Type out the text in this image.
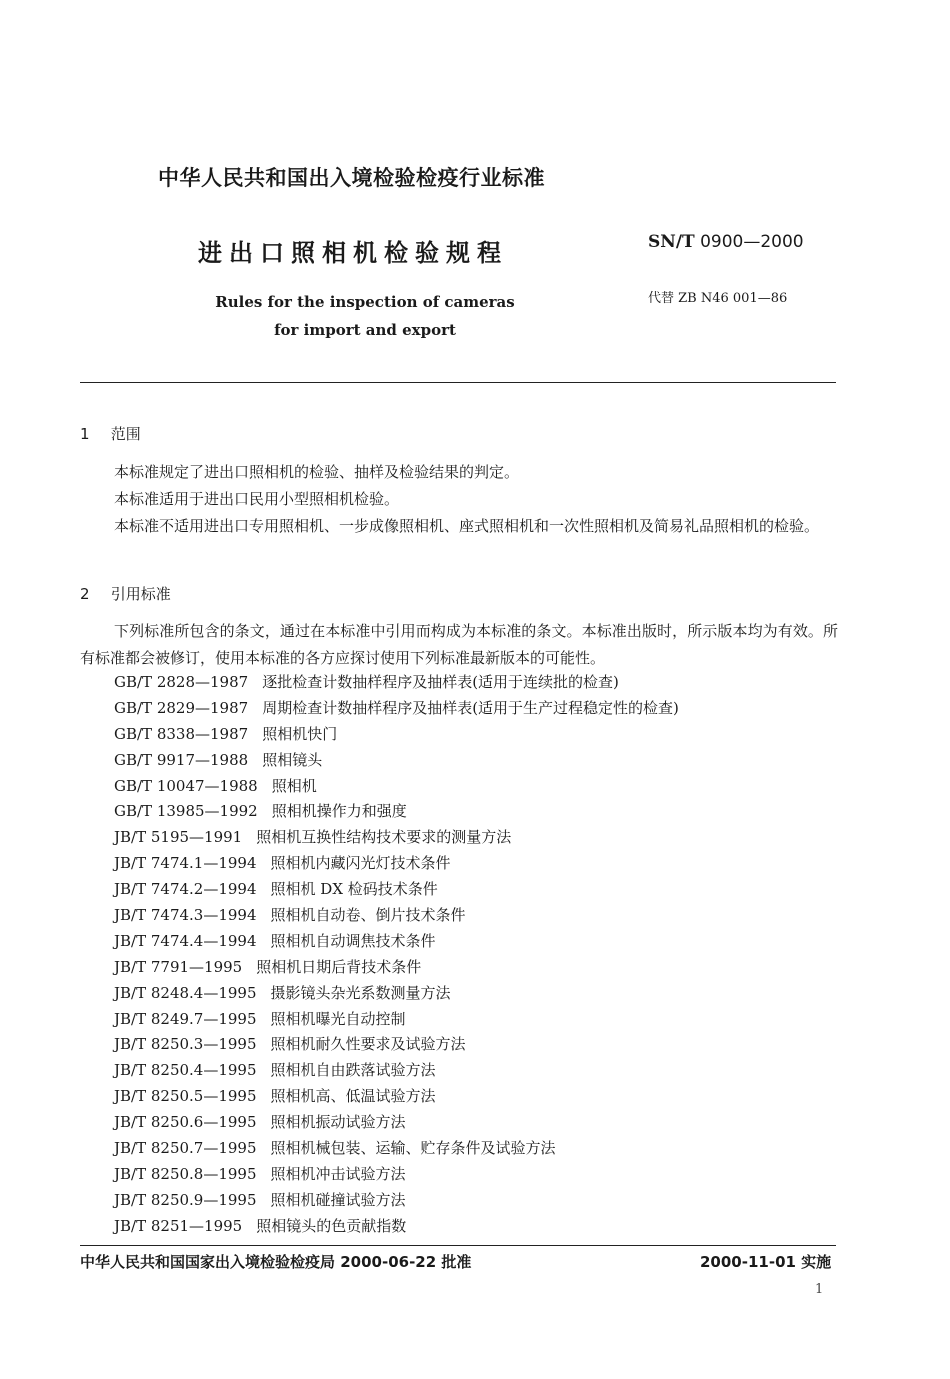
中华人民共和国出入境检验检疫行业标准
进出口照相机检验规程	SN/T 0900—2000
Rules for the inspection of cameras
for import and export
代替 ZB N46 001—86
1 范围
本标准规定了进出口照相机的检验、抽样及检验结果的判定。
本标准适用于进出口民用小型照相机检验。
本标准不适用进出口专用照相机、一步成像照相机、座式照相机和一次性照相机及简易礼品照相机的检验。
2 引用标准
下列标准所包含的条文，通过在本标准中引用而构成为本标准的条文。本标准出版时，所示版本均为有效。所有标准都会被修订，使用本标准的各方应探讨使用下列标准最新版本的可能性。
GB/T 2828—1987 逐批检查计数抽样程序及抽样表(适用于连续批的检查)
GB/T 2829—1987 周期检查计数抽样程序及抽样表(适用于生产过程稳定性的检查)
GB/T 8338—1987 照相机快门
GB/T 9917—1988 照相镜头
GB/T 10047—1988 照相机
GB/T 13985—1992 照相机操作力和强度
JB/T 5195—1991 照相机互换性结构技术要求的测量方法
JB/T 7474.1—1994 照相机内藏闪光灯技术条件
JB/T 7474.2—1994 照相机 DX 检码技术条件
JB/T 7474.3—1994 照相机自动卷、倒片技术条件
JB/T 7474.4—1994 照相机自动调焦技术条件
JB/T 7791—1995 照相机日期后背技术条件
JB/T 8248.4—1995 摄影镜头杂光系数测量方法
JB/T 8249.7—1995 照相机曝光自动控制
JB/T 8250.3—1995 照相机耐久性要求及试验方法
JB/T 8250.4—1995 照相机自由跌落试验方法
JB/T 8250.5—1995 照相机高、低温试验方法
JB/T 8250.6—1995 照相机振动试验方法
JB/T 8250.7—1995 照相机械包装、运输、贮存条件及试验方法
JB/T 8250.8—1995 照相机冲击试验方法
JB/T 8250.9—1995 照相机碰撞试验方法
JB/T 8251—1995 照相镜头的色贡献指数
中华人民共和国国家出入境检验检疫局 2000-06-22 批准	2000-11-01 实施
1
